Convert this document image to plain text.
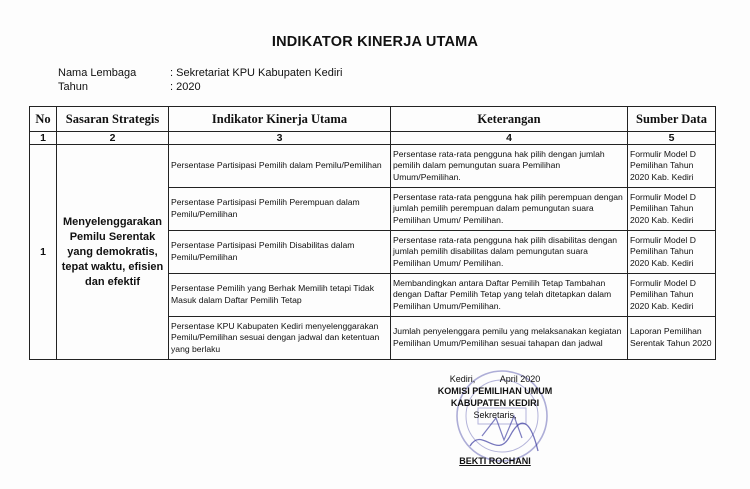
INDIKATOR KINERJA UTAMA
Nama Lembaga	: Sekretariat KPU Kabupaten Kediri
Tahun	: 2020
No	Sasaran Strategis	Indikator Kinerja Utama	Keterangan	Sumber Data
1	2	3	4	5
1	Menyelenggarakan Pemilu Serentak yang demokratis, tepat waktu, efisien dan efektif	Persentase Partisipasi Pemilih dalam Pemilu/Pemilihan	Persentase rata-rata pengguna hak pilih dengan jumlah pemilih dalam pemungutan suara Pemilihan Umum/Pemilihan.	Formulir Model D Pemilihan Tahun 2020 Kab. Kediri
		Persentase Partisipasi Pemilih Perempuan dalam Pemilu/Pemilihan	Persentase rata-rata pengguna hak pilih perempuan dengan jumlah pemilih perempuan dalam pemungutan suara Pemilihan Umum/ Pemilihan.	Formulir Model D Pemilihan Tahun 2020 Kab. Kediri
		Persentase Partisipasi Pemilih Disabilitas dalam Pemilu/Pemilihan	Persentase rata-rata pengguna hak pilih disabilitas dengan jumlah pemilih disabilitas dalam pemungutan suara Pemilihan Umum/ Pemilihan.	Formulir Model D Pemilihan Tahun 2020 Kab. Kediri
		Persentase Pemilih yang Berhak Memilih tetapi Tidak Masuk dalam Daftar Pemilih Tetap	Membandingkan antara Daftar Pemilih Tetap Tambahan dengan Daftar Pemilih Tetap yang telah ditetapkan dalam Pemilihan Umum/Pemilihan.	Formulir Model D Pemilihan Tahun 2020 Kab. Kediri
		Persentase KPU Kabupaten Kediri menyelenggarakan Pemilu/Pemilihan sesuai dengan jadwal dan ketentuan yang berlaku	Jumlah penyelenggara pemilu yang melaksanakan kegiatan Pemilihan Umum/Pemilihan sesuai tahapan dan jadwal	Laporan Pemilihan Serentak Tahun 2020
Kediri,          April 2020
KOMISI PEMILIHAN UMUM
KABUPATEN KEDIRI
Sekretaris,
BEKTI ROCHANI
